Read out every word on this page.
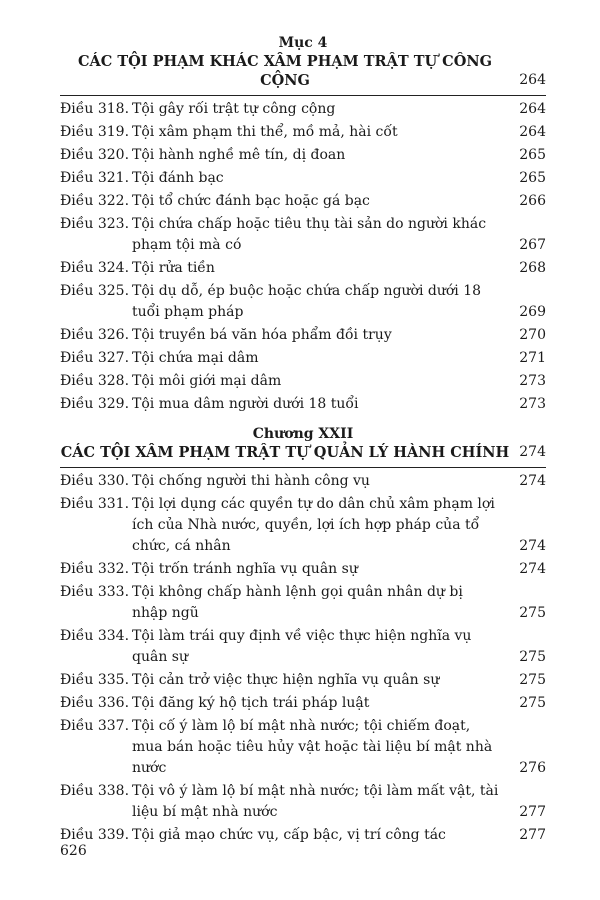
Mục 4
CÁC TỘI PHẠM KHÁC XÂM PHẠM TRẬT TỰ CÔNG CỘNG	264
Điều 318. Tội gây rối trật tự công cộng	264
Điều 319. Tội xâm phạm thi thể, mồ mả, hài cốt	264
Điều 320. Tội hành nghề mê tín, dị đoan	265
Điều 321. Tội đánh bạc	265
Điều 322. Tội tổ chức đánh bạc hoặc gá bạc	266
Điều 323. Tội chứa chấp hoặc tiêu thụ tài sản do người khác phạm tội mà có	267
Điều 324. Tội rửa tiền	268
Điều 325. Tội dụ dỗ, ép buộc hoặc chứa chấp người dưới 18 tuổi phạm pháp	269
Điều 326. Tội truyền bá văn hóa phẩm đồi trụy	270
Điều 327. Tội chứa mại dâm	271
Điều 328. Tội môi giới mại dâm	273
Điều 329. Tội mua dâm người dưới 18 tuổi	273
Chương XXII
CÁC TỘI XÂM PHẠM TRẬT TỰ QUẢN LÝ HÀNH CHÍNH 274
Điều 330. Tội chống người thi hành công vụ	274
Điều 331. Tội lợi dụng các quyền tự do dân chủ xâm phạm lợi ích của Nhà nước, quyền, lợi ích hợp pháp của tổ chức, cá nhân	274
Điều 332. Tội trốn tránh nghĩa vụ quân sự	274
Điều 333. Tội không chấp hành lệnh gọi quân nhân dự bị nhập ngũ	275
Điều 334. Tội làm trái quy định về việc thực hiện nghĩa vụ quân sự	275
Điều 335. Tội cản trở việc thực hiện nghĩa vụ quân sự	275
Điều 336. Tội đăng ký hộ tịch trái pháp luật	275
Điều 337. Tội cố ý làm lộ bí mật nhà nước; tội chiếm đoạt, mua bán hoặc tiêu hủy vật hoặc tài liệu bí mật nhà nước	276
Điều 338. Tội vô ý làm lộ bí mật nhà nước; tội làm mất vật, tài liệu bí mật nhà nước	277
Điều 339. Tội giả mạo chức vụ, cấp bậc, vị trí công tác	277
626
